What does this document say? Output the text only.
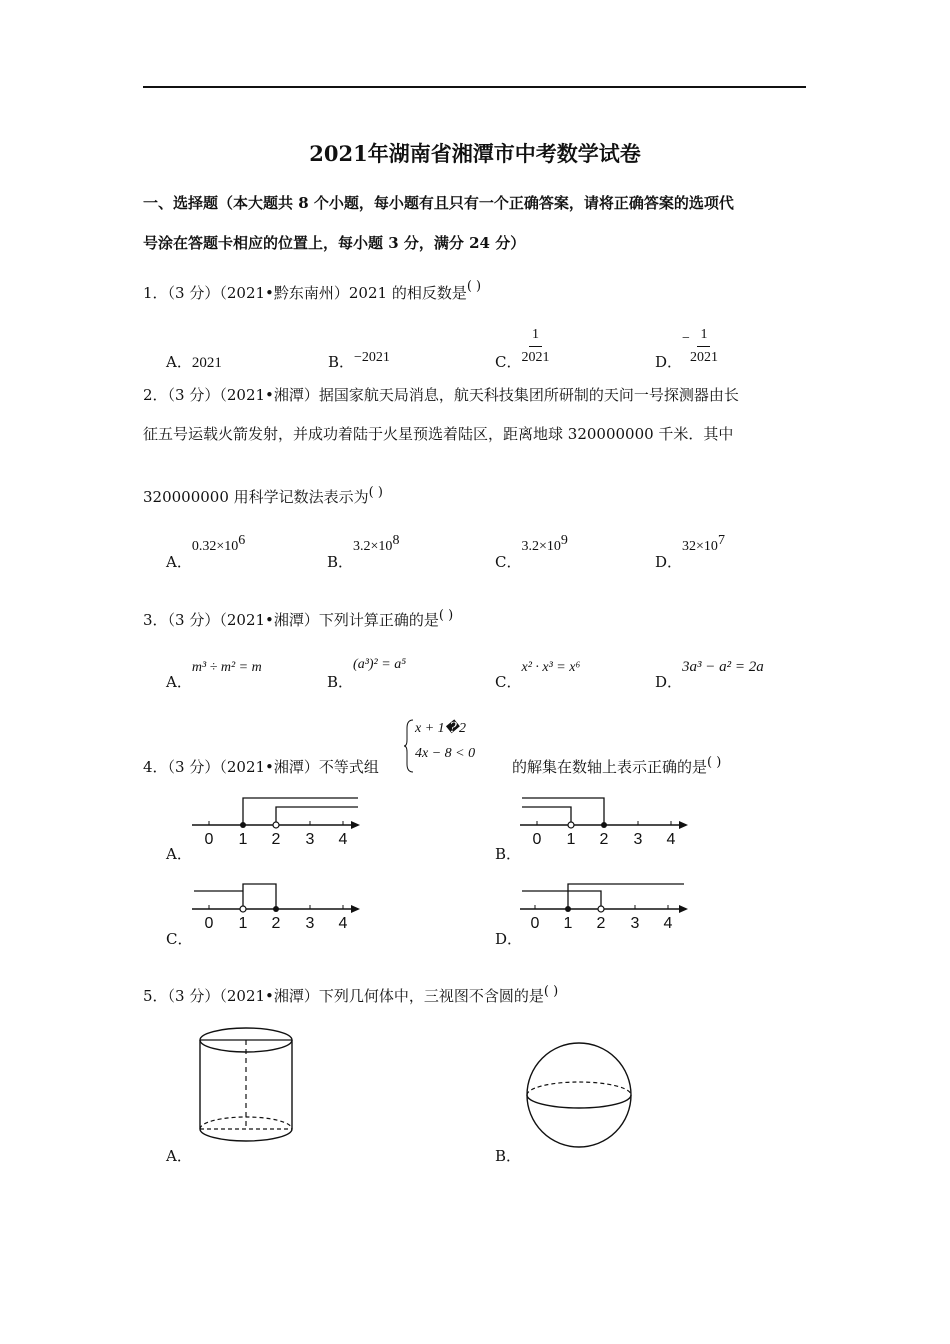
2021年湖南省湘潭市中考数学试卷
一、选择题（本大题共 8 个小题，每小题有且只有一个正确答案，请将正确答案的选项代
号涂在答题卡相应的位置上，每小题 3 分，满分 24 分）
1．（3 分）（2021•黔东南州）2021 的相反数是( )
A．2021	B．−2021	C． $\frac{1}{2021}$	D．− $\frac{1}{2021}$
2．（3 分）（2021•湘潭）据国家航天局消息，航天科技集团所研制的天问一号探测器由长
征五号运载火箭发射，并成功着陆于火星预选着陆区，距离地球 320000000 千米．其中
320000000 用科学记数法表示为( )
A．$0.32\times 10^6$
B．$3.2\times 10^8$
C．$3.2\times 10^9$
D．$32\times 10^7$
3．（3 分）（2021•湘潭）下列计算正确的是( )
A．m³ ÷ m² = m
B．(a³)² = a⁵
C．x² · x³ = x⁶
D．3a³ − a² = 2a
4．（3 分）（2021•湘潭）不等式组
x + 1�2
4x − 8 < 0
的解集在数轴上表示正确的是( )
A．
0 1 2 3 4
B．
0 1 2 3 4
C．
0 1 2 3 4
D．
0 1 2 3 4
5．（3 分）（2021•湘潭）下列几何体中，三视图不含圆的是( )
A．	B．
